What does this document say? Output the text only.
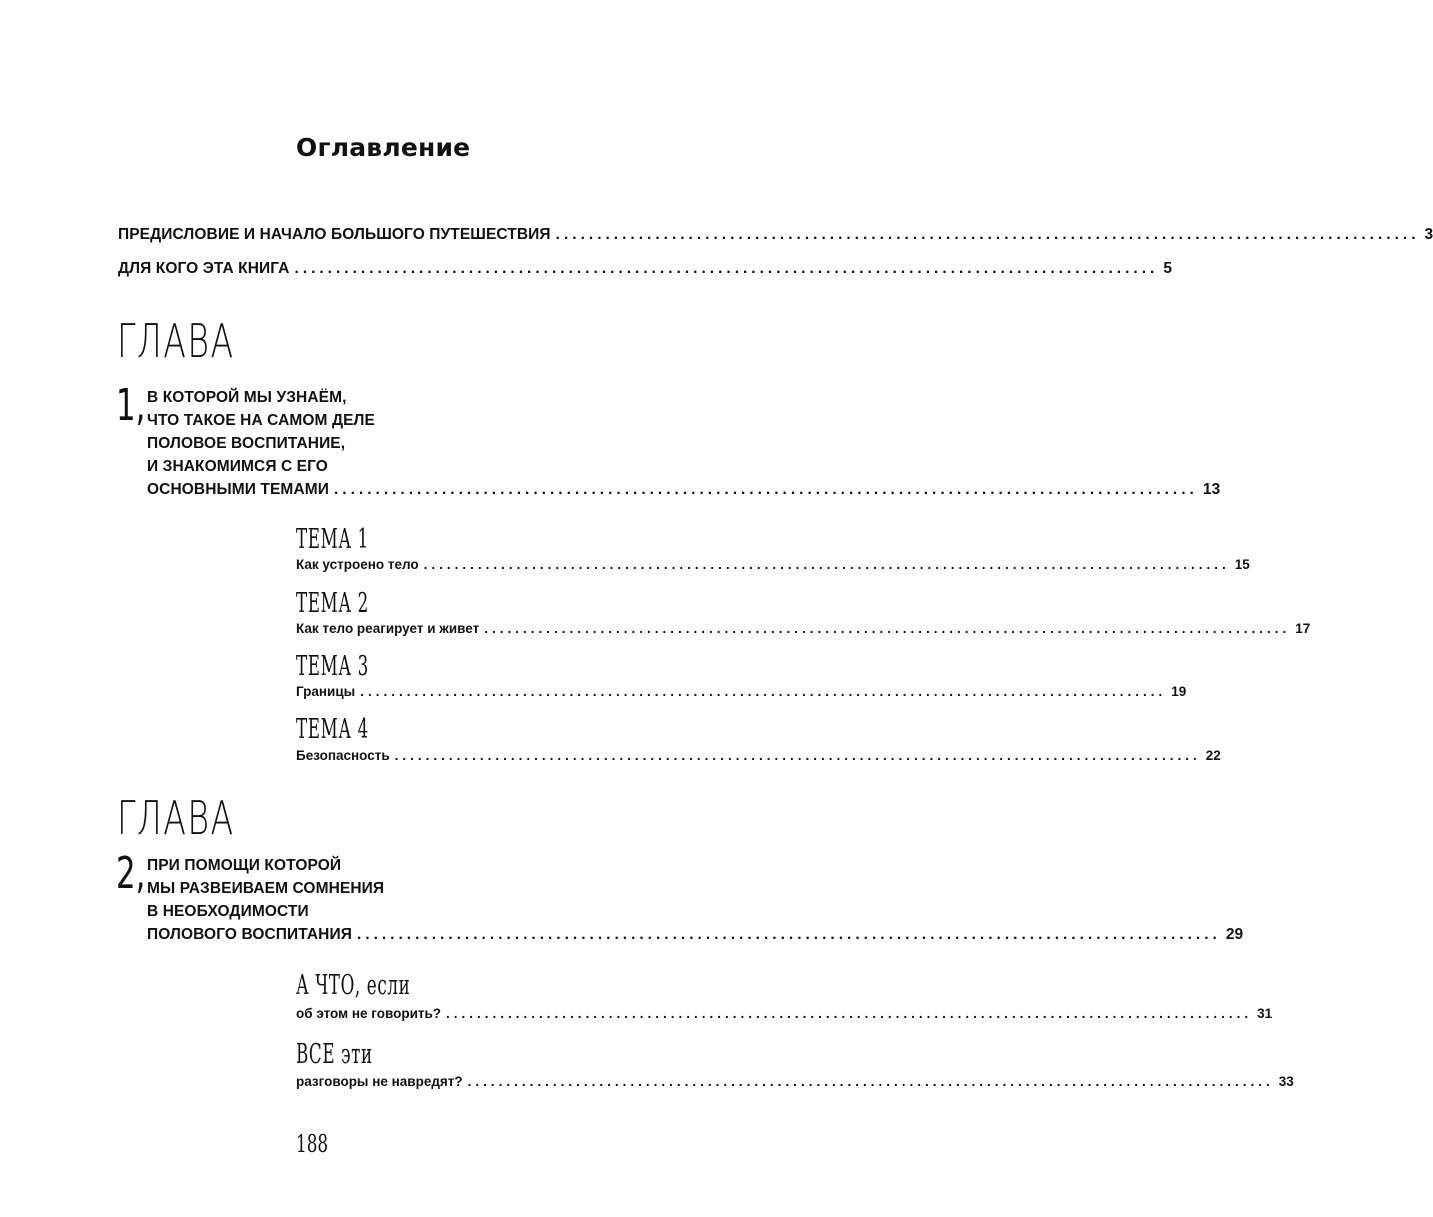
Оглавление
ПРЕДИСЛОВИЕ И НАЧАЛО БОЛЬШОГО ПУТЕШЕСТВИЯ ........................................................................................................ 3
ДЛЯ КОГО ЭТА КНИГА ........................................................................................................ 5
ГЛАВА
1, В КОТОРОЙ МЫ УЗНАЁМ,
ЧТО ТАКОЕ НА САМОМ ДЕЛЕ
ПОЛОВОЕ ВОСПИТАНИЕ,
И ЗНАКОМИМСЯ С ЕГО
ОСНОВНЫМИ ТЕМАМИ ........................................................................................................ 13
ТЕМА 1
Как устроено тело ........................................................................................................ 15
ТЕМА 2
Как тело реагирует и живет ........................................................................................................ 17
ТЕМА 3
Границы ........................................................................................................ 19
ТЕМА 4
Безопасность ........................................................................................................ 22
ГЛАВА
2, ПРИ ПОМОЩИ КОТОРОЙ
МЫ РАЗВЕИВАЕМ СОМНЕНИЯ
В НЕОБХОДИМОСТИ
ПОЛОВОГО ВОСПИТАНИЯ ........................................................................................................ 29
А ЧТО, если
об этом не говорить? ........................................................................................................ 31
ВСЕ эти
разговоры не навредят? ........................................................................................................ 33
188
